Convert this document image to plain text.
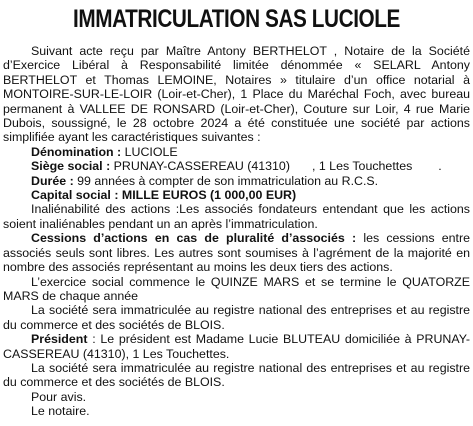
IMMATRICULATION SAS LUCIOLE

Suivant acte reçu par Maître Antony BERTHELOT , Notaire de la Société d’Exercice Libéral à Responsabilité limitée dénommée « SELARL Antony BERTHELOT et Thomas LEMOINE, Notaires » titulaire d’un office notarial à MONTOIRE-SUR-LE-LOIR (Loir-et-Cher), 1 Place du Maréchal Foch, avec bureau permanent à VALLEE DE RONSARD (Loir-et-Cher), Couture sur Loir, 4 rue Marie Dubois, soussigné, le 28 octobre 2024 a été constituée une société par actions simplifiée ayant les caractéristiques suivantes :

Dénomination : LUCIOLE

Siège social : PRUNAY-CASSEREAU (41310) , 1 Les Touchettes .

Durée : 99 années à compter de son immatriculation au R.C.S.

Capital social : MILLE EUROS (1 000,00 EUR)

Inaliénabilité des actions :Les associés fondateurs entendant que les actions soient inaliénables pendant un an après l’immatriculation.

Cessions d’actions en cas de pluralité d’associés : les cessions entre associés seuls sont libres. Les autres sont soumises à l’agrément de la majorité en nombre des associés représentant au moins les deux tiers des actions.

L’exercice social commence le QUINZE MARS et se termine le QUATORZE MARS de chaque année

La société sera immatriculée au registre national des entreprises et au registre du commerce et des sociétés de BLOIS.

Président : Le président est Madame Lucie BLUTEAU domiciliée à PRUNAY-CASSEREAU (41310), 1 Les Touchettes.

La société sera immatriculée au registre national des entreprises et au registre du commerce et des sociétés de BLOIS.

Pour avis.

Le notaire.
